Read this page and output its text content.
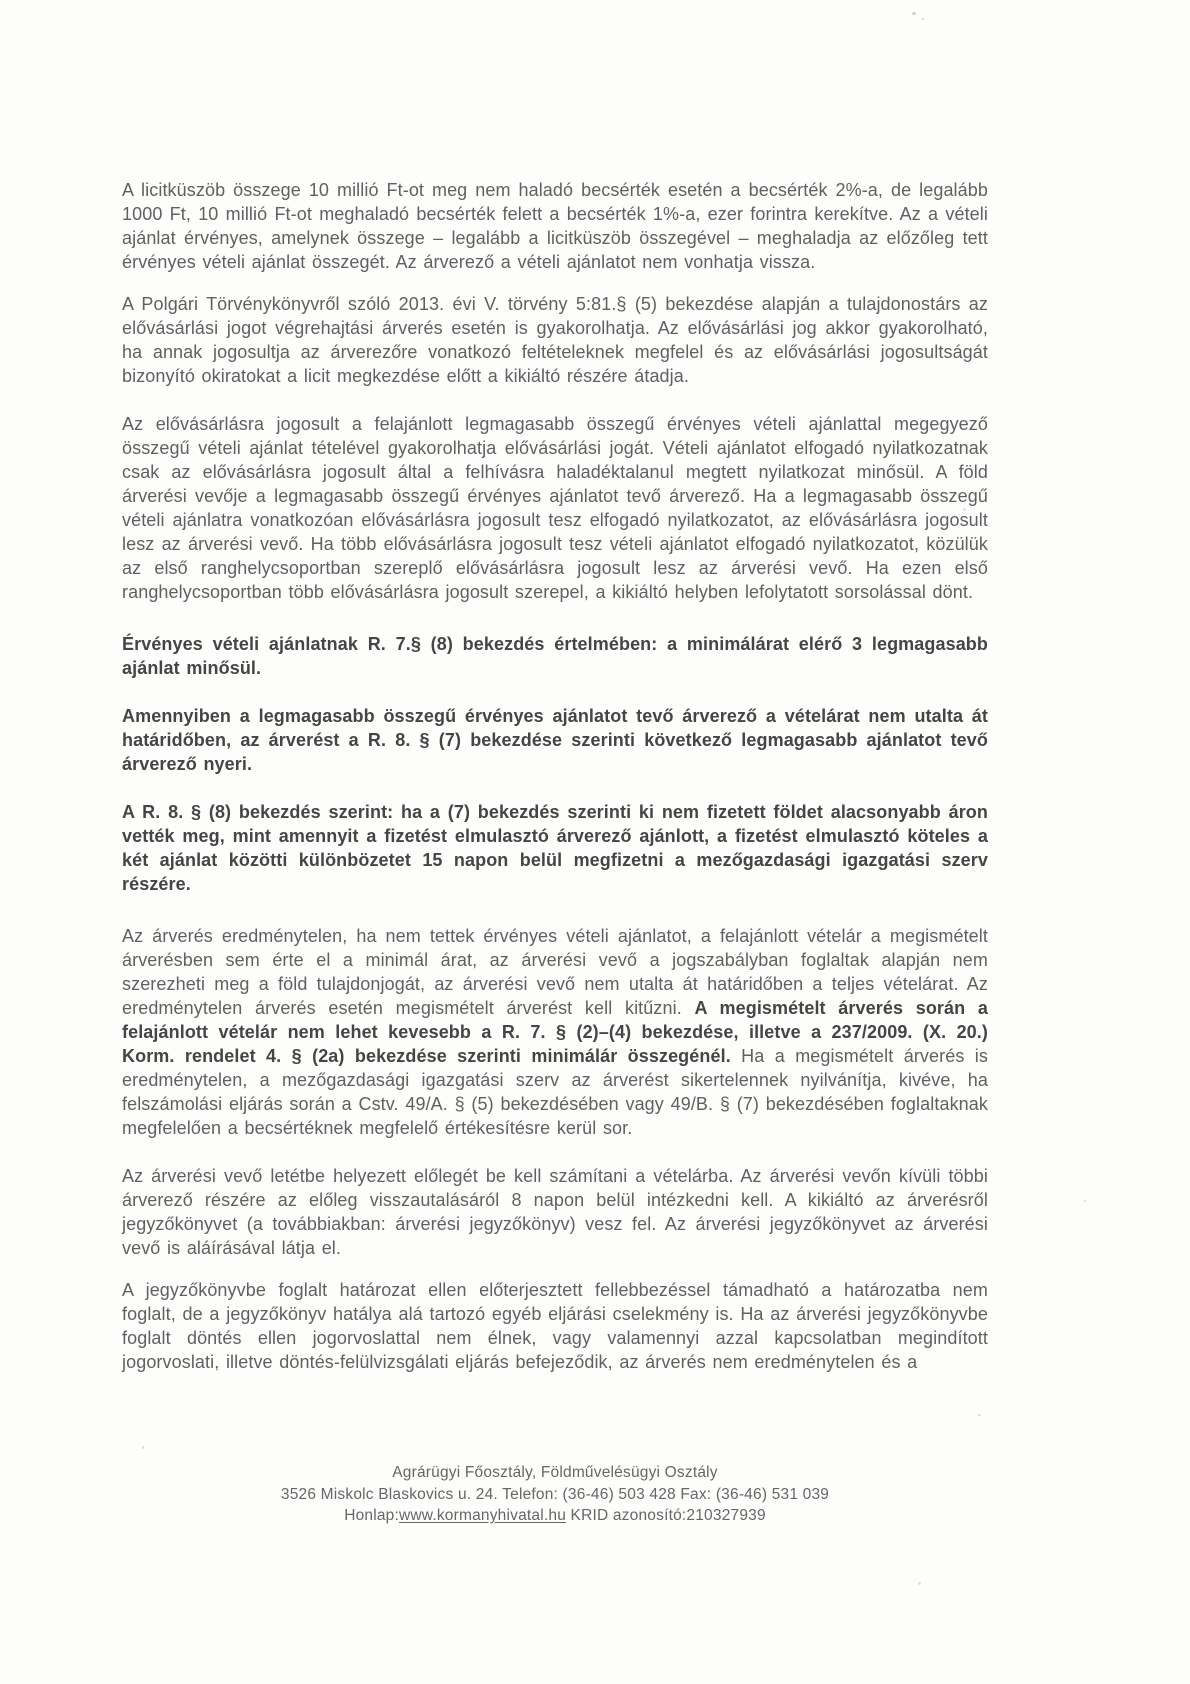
A licitküszöb összege 10 millió Ft-ot meg nem haladó becsérték esetén a becsérték 2%-a, de legalább 1000 Ft, 10 millió Ft-ot meghaladó becsérték felett a becsérték 1%-a, ezer forintra kerekítve. Az a vételi ajánlat érvényes, amelynek összege – legalább a licitküszöb összegével – meghaladja az előzőleg tett érvényes vételi ajánlat összegét. Az árverező a vételi ajánlatot nem vonhatja vissza.

A Polgári Törvénykönyvről szóló 2013. évi V. törvény 5:81.§ (5) bekezdése alapján a tulajdonostárs az elővásárlási jogot végrehajtási árverés esetén is gyakorolhatja. Az elővásárlási jog akkor gyakorolható, ha annak jogosultja az árverezőre vonatkozó feltételeknek megfelel és az elővásárlási jogosultságát bizonyító okiratokat a licit megkezdése előtt a kikiáltó részére átadja.

Az elővásárlásra jogosult a felajánlott legmagasabb összegű érvényes vételi ajánlattal megegyező összegű vételi ajánlat tételével gyakorolhatja elővásárlási jogát. Vételi ajánlatot elfogadó nyilatkozatnak csak az elővásárlásra jogosult által a felhívásra haladéktalanul megtett nyilatkozat minősül. A föld árverési vevője a legmagasabb összegű érvényes ajánlatot tevő árverező. Ha a legmagasabb összegű vételi ajánlatra vonatkozóan elővásárlásra jogosult tesz elfogadó nyilatkozatot, az elővásárlásra jogosult lesz az árverési vevő. Ha több elővásárlásra jogosult tesz vételi ajánlatot elfogadó nyilatkozatot, közülük az első ranghelycsoportban szereplő elővásárlásra jogosult lesz az árverési vevő. Ha ezen első ranghelycsoportban több elővásárlásra jogosult szerepel, a kikiáltó helyben lefolytatott sorsolással dönt.

Érvényes vételi ajánlatnak R. 7.§ (8) bekezdés értelmében: a minimálárat elérő 3 legmagasabb ajánlat minősül.

Amennyiben a legmagasabb összegű érvényes ajánlatot tevő árverező a vételárat nem utalta át határidőben, az árverést a R. 8. § (7) bekezdése szerinti következő legmagasabb ajánlatot tevő árverező nyeri.

A R. 8. § (8) bekezdés szerint: ha a (7) bekezdés szerinti ki nem fizetett földet alacsonyabb áron vették meg, mint amennyit a fizetést elmulasztó árverező ajánlott, a fizetést elmulasztó köteles a két ajánlat közötti különbözetet 15 napon belül megfizetni a mezőgazdasági igazgatási szerv részére.

Az árverés eredménytelen, ha nem tettek érvényes vételi ajánlatot, a felajánlott vételár a megismételt árverésben sem érte el a minimál árat, az árverési vevő a jogszabályban foglaltak alapján nem szerezheti meg a föld tulajdonjogát, az árverési vevő nem utalta át határidőben a teljes vételárat. Az eredménytelen árverés esetén megismételt árverést kell kitűzni. A megismételt árverés során a felajánlott vételár nem lehet kevesebb a R. 7. § (2)–(4) bekezdése, illetve a 237/2009. (X. 20.) Korm. rendelet 4. § (2a) bekezdése szerinti minimálár összegénél. Ha a megismételt árverés is eredménytelen, a mezőgazdasági igazgatási szerv az árverést sikertelennek nyilvánítja, kivéve, ha felszámolási eljárás során a Cstv. 49/A. § (5) bekezdésében vagy 49/B. § (7) bekezdésében foglaltaknak megfelelően a becsértéknek megfelelő értékesítésre kerül sor.

Az árverési vevő letétbe helyezett előlegét be kell számítani a vételárba. Az árverési vevőn kívüli többi árverező részére az előleg visszautalásáról 8 napon belül intézkedni kell. A kikiáltó az árverésről jegyzőkönyvet (a továbbiakban: árverési jegyzőkönyv) vesz fel. Az árverési jegyzőkönyvet az árverési vevő is aláírásával látja el.

A jegyzőkönyvbe foglalt határozat ellen előterjesztett fellebbezéssel támadható a határozatba nem foglalt, de a jegyzőkönyv hatálya alá tartozó egyéb eljárási cselekmény is. Ha az árverési jegyzőkönyvbe foglalt döntés ellen jogorvoslattal nem élnek, vagy valamennyi azzal kapcsolatban megindított jogorvoslati, illetve döntés-felülvizsgálati eljárás befejeződik, az árverés nem eredménytelen és a

Agrárügyi Főosztály, Földművelésügyi Osztály
3526 Miskolc Blaskovics u. 24. Telefon: (36-46) 503 428 Fax: (36-46) 531 039
Honlap:www.kormanyhivatal.hu KRID azonosító:210327939
